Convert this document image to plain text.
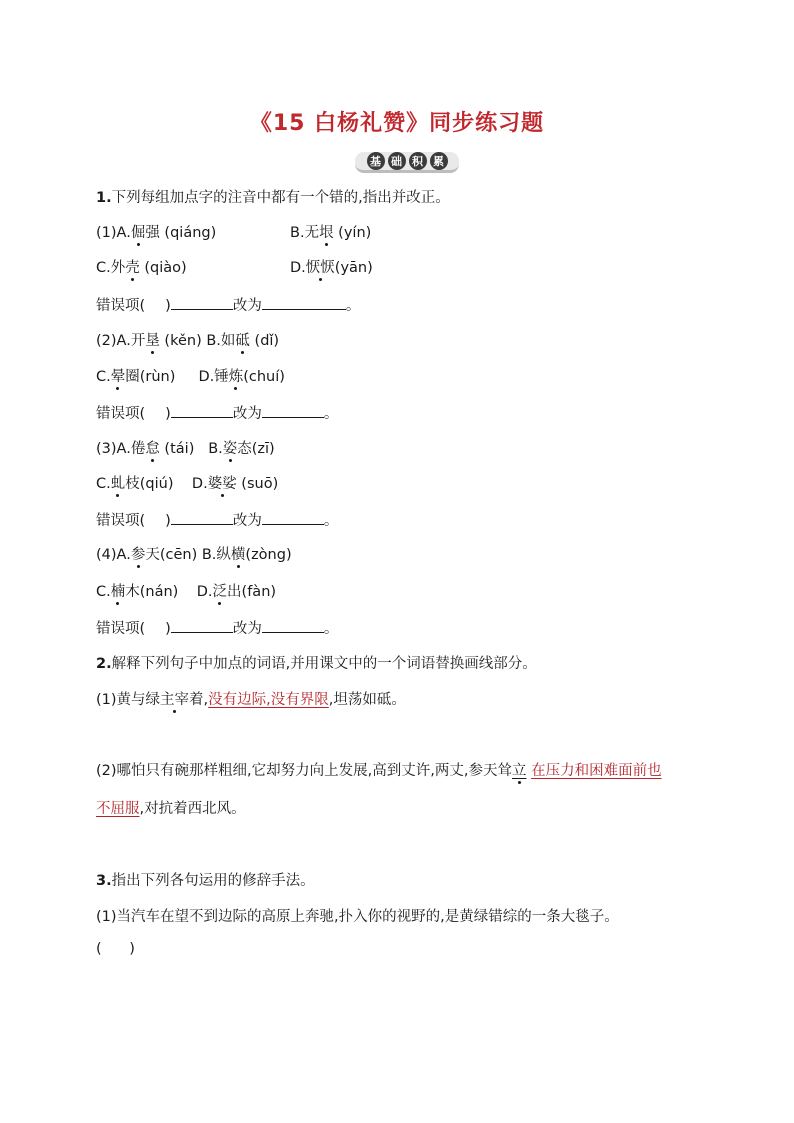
《15 白杨礼赞》同步练习题
基 础 积 累
1.下列每组加点字的注音中都有一个错的,指出并改正。
(1)A.倔强 (qiáng)	B.无垠 (yín)
C.外壳 (qiào)	D.恹恹(yān)
错误项( )	改为	。
(2)A.开垦 (kěn) B.如砥 (dǐ)
C.晕圈(rùn) D.锤炼(chuí)
错误项( )	改为	。
(3)A.倦怠 (tái) B.姿态(zī)
C.虬枝(qiú) D.婆娑 (suō)
错误项( )	改为	。
(4)A.参天(cēn) B.纵横(zòng)
C.楠木(nán) D.泛出(fàn)
错误项( )	改为	。
2.解释下列句子中加点的词语,并用课文中的一个词语替换画线部分。
(1)黄与绿主宰着,没有边际,没有界限,坦荡如砥。
(2)哪怕只有碗那样粗细,它却努力向上发展,高到丈许,两丈,参天耸立 在压力和困难面前也
不屈服,对抗着西北风。
3.指出下列各句运用的修辞手法。
(1)当汽车在望不到边际的高原上奔驰,扑入你的视野的,是黄绿错综的一条大毯子。
(      )
